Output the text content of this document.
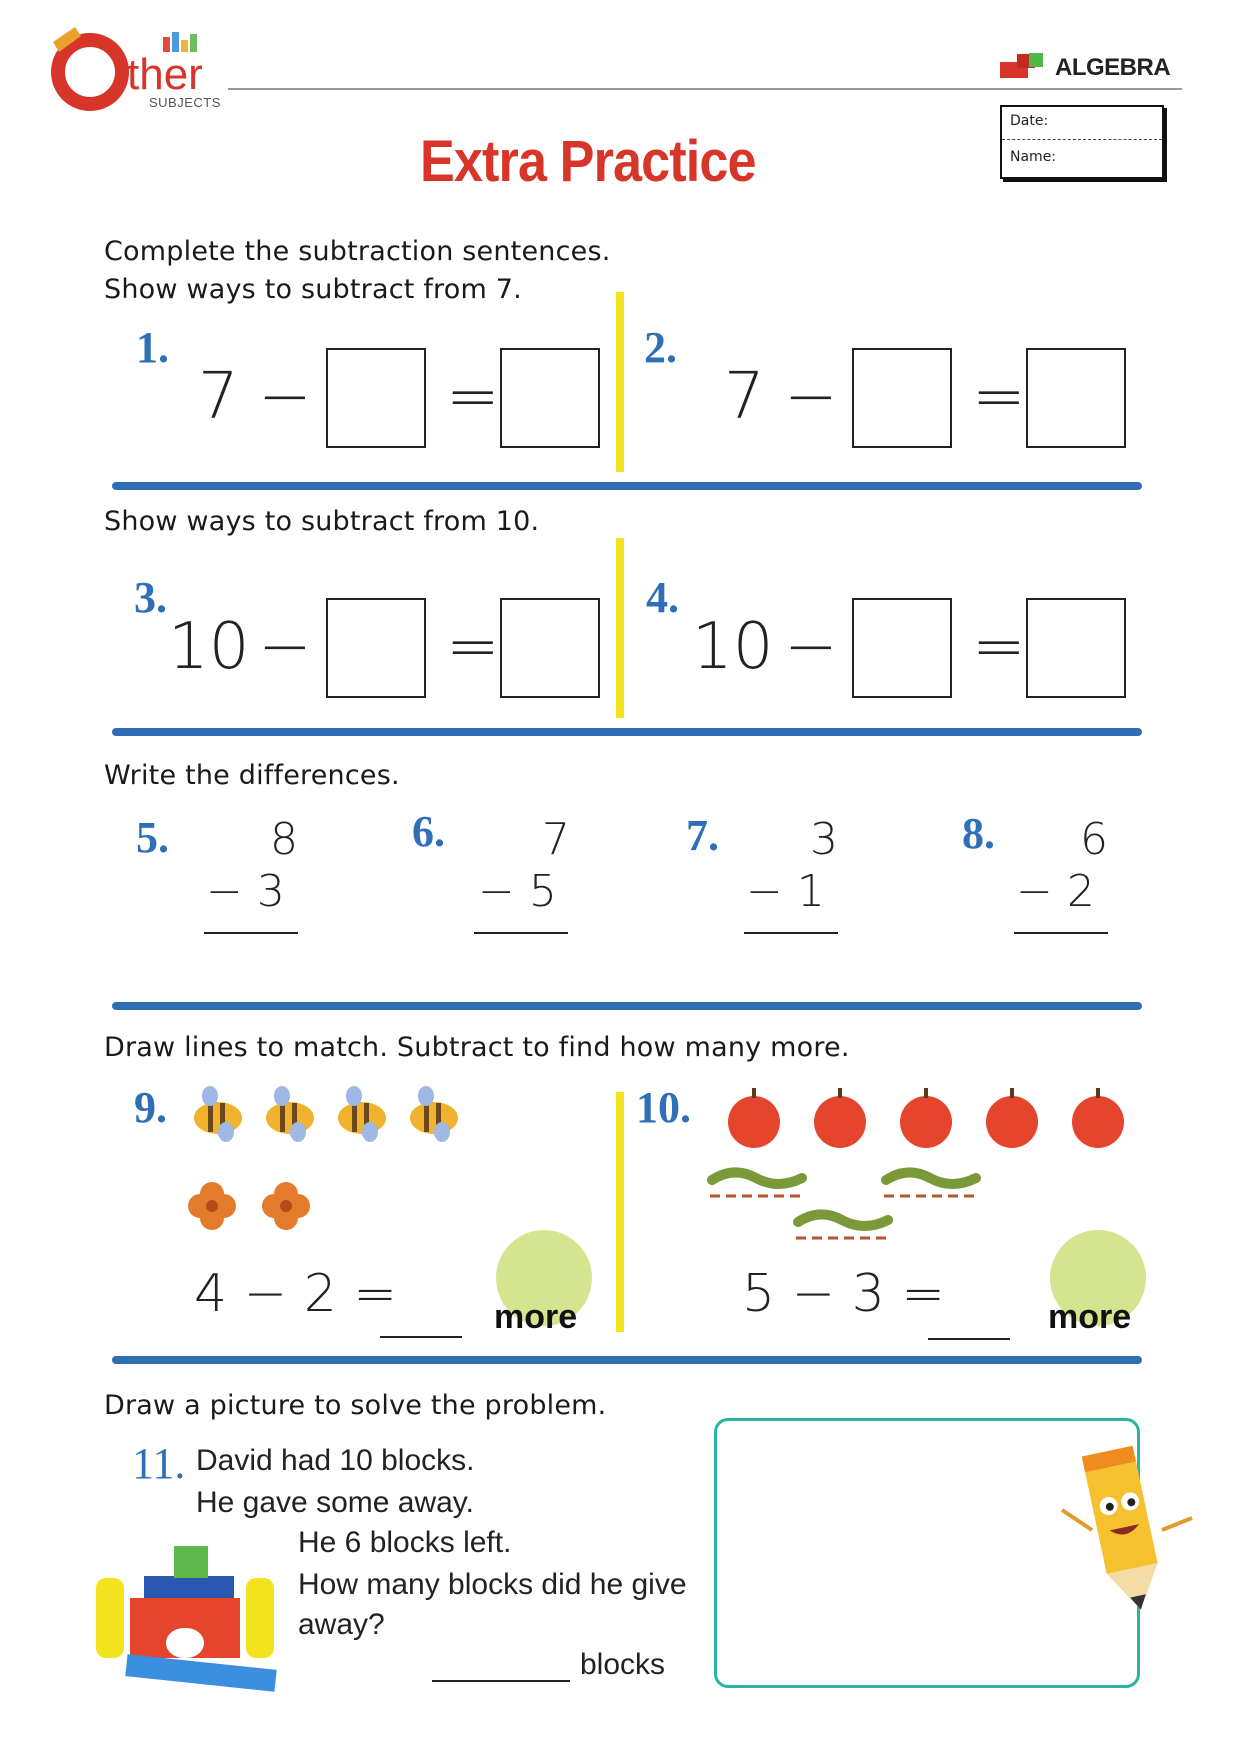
ther
SUBJECTS
ALGEBRA
Date:
Name:
Extra Practice
Complete the subtraction sentences.
Show ways to subtract from 7.
1.
7 − =
2.
7 − =
Show ways to subtract from 10.
3.
10 − =
4.
10 − =
Write the differences.
5. 8
− 3
6. 7
− 5
7. 3
− 1
8. 6
− 2
Draw lines to match. Subtract to find how many more.
9.
4 − 2 =	more
10.
5 − 3 =	more
Draw a picture to solve the problem.
11. David had 10 blocks.
He gave some away.
He 6 blocks left.
How many blocks did he give
away?
blocks
